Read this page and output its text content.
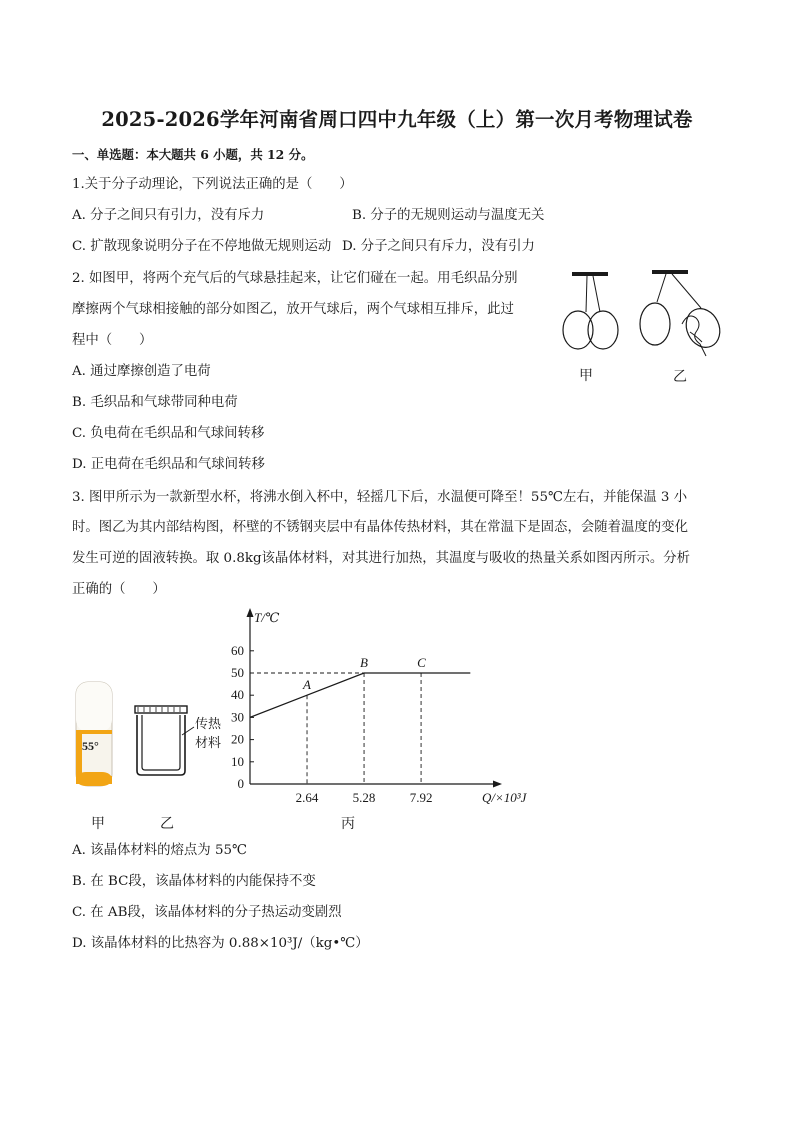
2025-2026学年河南省周口四中九年级（上）第一次月考物理试卷
一、单选题：本大题共 6 小题，共 12 分。
1.关于分子动理论，下列说法正确的是（　　）
A. 分子之间只有引力，没有斥力	B. 分子的无规则运动与温度无关
C. 扩散现象说明分子在不停地做无规则运动 D. 分子之间只有斥力，没有引力
2. 如图甲，将两个充气后的气球悬挂起来，让它们碰在一起。用毛织品分别
摩擦两个气球相接触的部分如图乙，放开气球后，两个气球相互排斥，此过
程中（　　）
A. 通过摩擦创造了电荷
B. 毛织品和气球带同种电荷
C. 负电荷在毛织品和气球间转移
D. 正电荷在毛织品和气球间转移
甲	乙
3. 图甲所示为一款新型水杯，将沸水倒入杯中，轻摇几下后，水温便可降至！55℃左右，并能保温 3 小
时。图乙为其内部结构图，杯壁的不锈钢夹层中有晶体传热材料，其在常温下是固态，会随着温度的变化
发生可逆的固液转换。取 0.8kg该晶体材料，对其进行加热，其温度与吸收的热量关系如图丙所示。分析
正确的（　　）
55°
传热
材料
T/℃
Q/×10³J
0
10
20
30
40
50
60
2.64	5.28	7.92
A
B	C
甲	乙	丙
A. 该晶体材料的熔点为 55℃
B. 在 BC段，该晶体材料的内能保持不变
C. 在 AB段，该晶体材料的分子热运动变剧烈
D. 该晶体材料的比热容为 0.88×10³J/（kg•℃）
